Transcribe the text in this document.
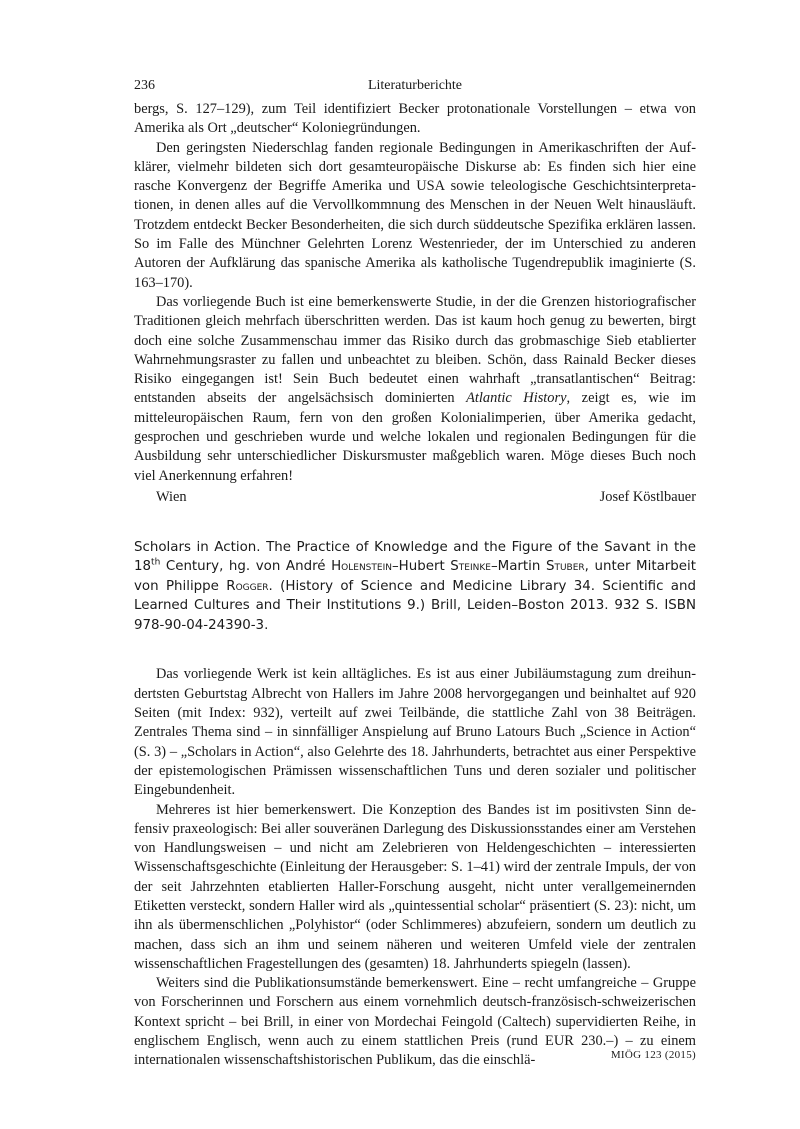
236	Literaturberichte

bergs, S. 127–129), zum Teil identifiziert Becker protonationale Vorstellungen – etwa von Amerika als Ort „deutscher“ Koloniegründungen.

Den geringsten Niederschlag fanden regionale Bedingungen in Amerikaschriften der Aufklärer, vielmehr bildeten sich dort gesamteuropäische Diskurse ab: Es finden sich hier eine rasche Konvergenz der Begriffe Amerika und USA sowie teleologische Geschichtsinterpretationen, in denen alles auf die Vervollkommnung des Menschen in der Neuen Welt hinausläuft. Trotzdem entdeckt Becker Besonderheiten, die sich durch süddeutsche Spezifika erklären lassen. So im Falle des Münchner Gelehrten Lorenz Westenrieder, der im Unterschied zu anderen Autoren der Aufklärung das spanische Amerika als katholische Tugendrepublik imaginierte (S. 163–170).

Das vorliegende Buch ist eine bemerkenswerte Studie, in der die Grenzen historiografischer Traditionen gleich mehrfach überschritten werden. Das ist kaum hoch genug zu bewerten, birgt doch eine solche Zusammenschau immer das Risiko durch das grobmaschige Sieb etablierter Wahrnehmungsraster zu fallen und unbeachtet zu bleiben. Schön, dass Rainald Becker dieses Risiko eingegangen ist! Sein Buch bedeutet einen wahrhaft „transatlantischen“ Beitrag: entstanden abseits der angelsächsisch dominierten Atlantic History, zeigt es, wie im mitteleuropäischen Raum, fern von den großen Kolonialimperien, über Amerika gedacht, gesprochen und geschrieben wurde und welche lokalen und regionalen Bedingungen für die Ausbildung sehr unterschiedlicher Diskursmuster maßgeblich waren. Möge dieses Buch noch viel Anerkennung erfahren!

Wien	Josef Köstlbauer
Scholars in Action. The Practice of Knowledge and the Figure of the Savant in the 18th Century, hg. von André Holenstein–Hubert Steinke–Martin Stuber, unter Mitarbeit von Philippe Rogger. (History of Science and Medicine Library 34. Scientific and Learned Cultures and Their Institutions 9.) Brill, Leiden–Boston 2013. 932 S. ISBN 978-90-04-24390-3.

Das vorliegende Werk ist kein alltägliches. Es ist aus einer Jubiläumstagung zum dreihundertsten Geburtstag Albrecht von Hallers im Jahre 2008 hervorgegangen und beinhaltet auf 920 Seiten (mit Index: 932), verteilt auf zwei Teilbände, die stattliche Zahl von 38 Beiträgen. Zentrales Thema sind – in sinnfälliger Anspielung auf Bruno Latours Buch „Science in Action“ (S. 3) – „Scholars in Action“, also Gelehrte des 18. Jahrhunderts, betrachtet aus einer Perspektive der epistemologischen Prämissen wissenschaftlichen Tuns und deren sozialer und politischer Eingebundenheit.

Mehreres ist hier bemerkenswert. Die Konzeption des Bandes ist im positivsten Sinn defensiv praxeologisch: Bei aller souveränen Darlegung des Diskussionsstandes einer am Verstehen von Handlungsweisen – und nicht am Zelebrieren von Heldengeschichten – interessierten Wissenschaftsgeschichte (Einleitung der Herausgeber: S. 1–41) wird der zentrale Impuls, der von der seit Jahrzehnten etablierten Haller-Forschung ausgeht, nicht unter verallgemeinernden Etiketten versteckt, sondern Haller wird als „quintessential scholar“ präsentiert (S. 23): nicht, um ihn als übermenschlichen „Polyhistor“ (oder Schlimmeres) abzufeiern, sondern um deutlich zu machen, dass sich an ihm und seinem näheren und weiteren Umfeld viele der zentralen wissenschaftlichen Fragestellungen des (gesamten) 18. Jahrhunderts spiegeln (lassen).

Weiters sind die Publikationsumstände bemerkenswert. Eine – recht umfangreiche – Gruppe von Forscherinnen und Forschern aus einem vornehmlich deutsch-französisch-schweizerischen Kontext spricht – bei Brill, in einer von Mordechai Feingold (Caltech) supervidierten Reihe, in englischem Englisch, wenn auch zu einem stattlichen Preis (rund EUR 230.–) – zu einem internationalen wissenschaftshistorischen Publikum, das die einschlä-	MIÖG 123 (2015)
